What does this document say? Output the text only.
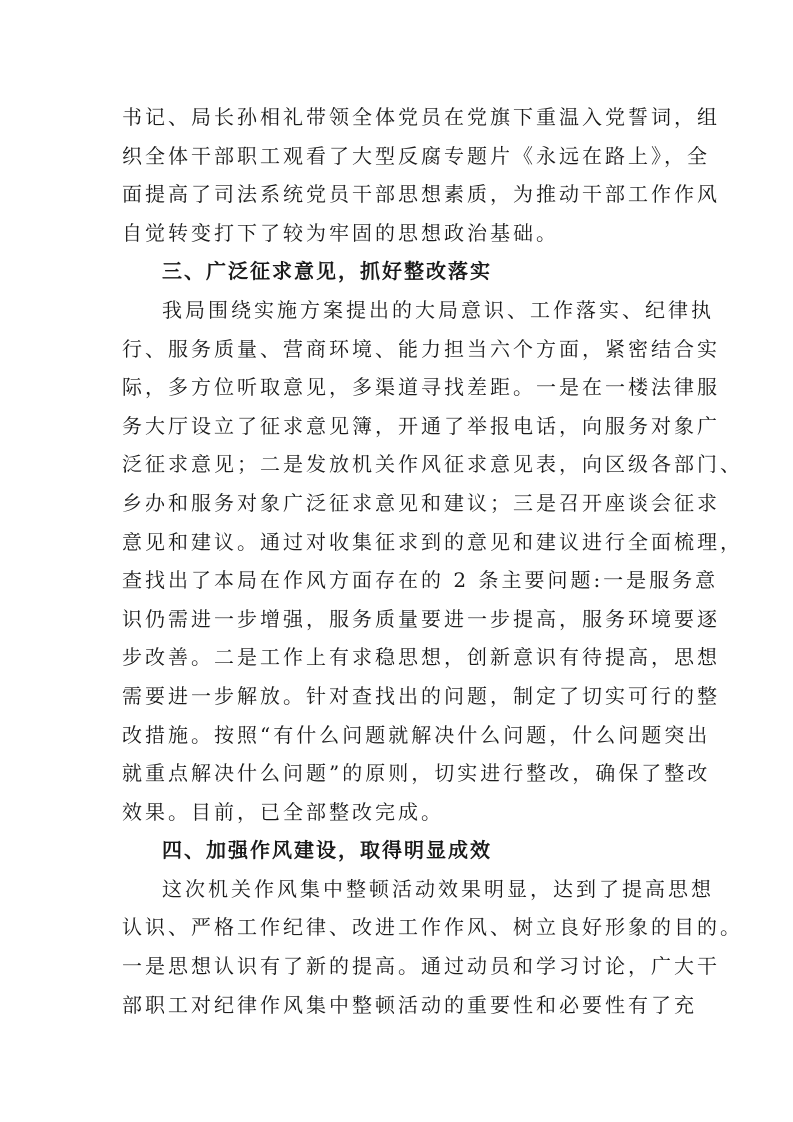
书记、局长孙相礼带领全体党员在党旗下重温入党誓词，组
织全体干部职工观看了大型反腐专题片《永远在路上》，全
面提高了司法系统党员干部思想素质，为推动干部工作作风
自觉转变打下了较为牢固的思想政治基础。
三、广泛征求意见，抓好整改落实
我局围绕实施方案提出的大局意识、工作落实、纪律执
行、服务质量、营商环境、能力担当六个方面，紧密结合实
际，多方位听取意见，多渠道寻找差距。一是在一楼法律服
务大厅设立了征求意见簿，开通了举报电话，向服务对象广
泛征求意见；二是发放机关作风征求意见表，向区级各部门、
乡办和服务对象广泛征求意见和建议；三是召开座谈会征求
意见和建议。通过对收集征求到的意见和建议进行全面梳理，
查找出了本局在作风方面存在的 2 条主要问题:一是服务意
识仍需进一步增强，服务质量要进一步提高，服务环境要逐
步改善。二是工作上有求稳思想，创新意识有待提高，思想
需要进一步解放。针对查找出的问题，制定了切实可行的整
改措施。按照“有什么问题就解决什么问题，什么问题突出
就重点解决什么问题”的原则，切实进行整改，确保了整改
效果。目前，已全部整改完成。
四、加强作风建设，取得明显成效
这次机关作风集中整顿活动效果明显，达到了提高思想
认识、严格工作纪律、改进工作作风、树立良好形象的目的。
一是思想认识有了新的提高。通过动员和学习讨论，广大干
部职工对纪律作风集中整顿活动的重要性和必要性有了充
